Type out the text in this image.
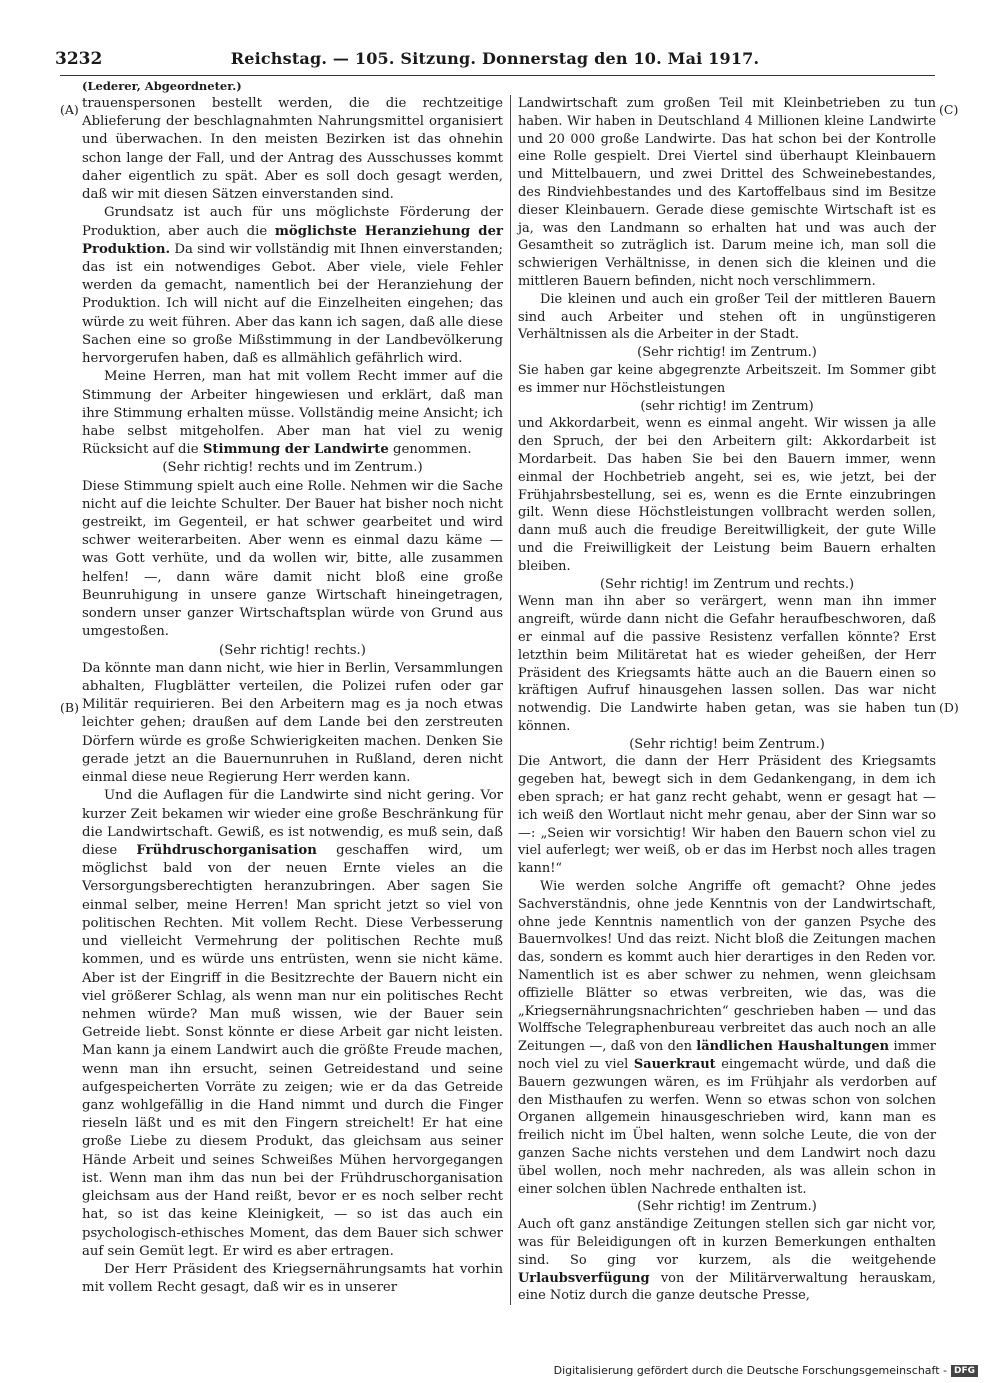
3232	Reichstag. — 105. Sitzung. Donnerstag den 10. Mai 1917.
(Lederer, Abgeordneter.)
(A)
(B)
(C)
(D)

trauenspersonen bestellt werden, die die rechtzeitige Ablieferung der beschlagnahmten Nahrungsmittel organisiert und überwachen. In den meisten Bezirken ist das ohnehin schon lange der Fall, und der Antrag des Ausschusses kommt daher eigentlich zu spät. Aber es soll doch gesagt werden, daß wir mit diesen Sätzen einverstanden sind.

Grundsatz ist auch für uns möglichste Förderung der Produktion, aber auch die möglichste Heranziehung der Produktion. Da sind wir vollständig mit Ihnen einverstanden; das ist ein notwendiges Gebot. Aber viele, viele Fehler werden da gemacht, namentlich bei der Heranziehung der Produktion. Ich will nicht auf die Einzelheiten eingehen; das würde zu weit führen. Aber das kann ich sagen, daß alle diese Sachen eine so große Mißstimmung in der Landbevölkerung hervorgerufen haben, daß es allmählich gefährlich wird.

Meine Herren, man hat mit vollem Recht immer auf die Stimmung der Arbeiter hingewiesen und erklärt, daß man ihre Stimmung erhalten müsse. Vollständig meine Ansicht; ich habe selbst mitgeholfen. Aber man hat viel zu wenig Rücksicht auf die Stimmung der Landwirte genommen.

(Sehr richtig! rechts und im Zentrum.)

Diese Stimmung spielt auch eine Rolle. Nehmen wir die Sache nicht auf die leichte Schulter. Der Bauer hat bisher noch nicht gestreikt, im Gegenteil, er hat schwer gearbeitet und wird schwer weiterarbeiten. Aber wenn es einmal dazu käme — was Gott verhüte, und da wollen wir, bitte, alle zusammen helfen! —, dann wäre damit nicht bloß eine große Beunruhigung in unsere ganze Wirtschaft hineingetragen, sondern unser ganzer Wirtschaftsplan würde von Grund aus umgestoßen.

(Sehr richtig! rechts.)

Da könnte man dann nicht, wie hier in Berlin, Versammlungen abhalten, Flugblätter verteilen, die Polizei rufen oder gar Militär requirieren. Bei den Arbeitern mag es ja noch etwas leichter gehen; draußen auf dem Lande bei den zerstreuten Dörfern würde es große Schwierigkeiten machen. Denken Sie gerade jetzt an die Bauernunruhen in Rußland, deren nicht einmal diese neue Regierung Herr werden kann.

Und die Auflagen für die Landwirte sind nicht gering. Vor kurzer Zeit bekamen wir wieder eine große Beschränkung für die Landwirtschaft. Gewiß, es ist notwendig, es muß sein, daß diese Frühdruschorganisation geschaffen wird, um möglichst bald von der neuen Ernte vieles an die Versorgungsberechtigten heranzubringen. Aber sagen Sie einmal selber, meine Herren! Man spricht jetzt so viel von politischen Rechten. Mit vollem Recht. Diese Verbesserung und vielleicht Vermehrung der politischen Rechte muß kommen, und es würde uns entrüsten, wenn sie nicht käme. Aber ist der Eingriff in die Besitzrechte der Bauern nicht ein viel größerer Schlag, als wenn man nur ein politisches Recht nehmen würde? Man muß wissen, wie der Bauer sein Getreide liebt. Sonst könnte er diese Arbeit gar nicht leisten. Man kann ja einem Landwirt auch die größte Freude machen, wenn man ihn ersucht, seinen Getreidestand und seine aufgespeicherten Vorräte zu zeigen; wie er da das Getreide ganz wohlgefällig in die Hand nimmt und durch die Finger rieseln läßt und es mit den Fingern streichelt! Er hat eine große Liebe zu diesem Produkt, das gleichsam aus seiner Hände Arbeit und seines Schweißes Mühen hervorgegangen ist. Wenn man ihm das nun bei der Frühdruschorganisation gleichsam aus der Hand reißt, bevor er es noch selber recht hat, so ist das keine Kleinigkeit, — so ist das auch ein psychologisch-ethisches Moment, das dem Bauer sich schwer auf sein Gemüt legt. Er wird es aber ertragen.

Der Herr Präsident des Kriegsernährungsamts hat vorhin mit vollem Recht gesagt, daß wir es in unserer

Landwirtschaft zum großen Teil mit Kleinbetrieben zu tun haben. Wir haben in Deutschland 4 Millionen kleine Landwirte und 20 000 große Landwirte. Das hat schon bei der Kontrolle eine Rolle gespielt. Drei Viertel sind überhaupt Kleinbauern und Mittelbauern, und zwei Drittel des Schweinebestandes, des Rindviehbestandes und des Kartoffelbaus sind im Besitze dieser Kleinbauern. Gerade diese gemischte Wirtschaft ist es ja, was den Landmann so erhalten hat und was auch der Gesamtheit so zuträglich ist. Darum meine ich, man soll die schwierigen Verhältnisse, in denen sich die kleinen und die mittleren Bauern befinden, nicht noch verschlimmern.

Die kleinen und auch ein großer Teil der mittleren Bauern sind auch Arbeiter und stehen oft in ungünstigeren Verhältnissen als die Arbeiter in der Stadt.

(Sehr richtig! im Zentrum.)

Sie haben gar keine abgegrenzte Arbeitszeit. Im Sommer gibt es immer nur Höchstleistungen

(sehr richtig! im Zentrum)

und Akkordarbeit, wenn es einmal angeht. Wir wissen ja alle den Spruch, der bei den Arbeitern gilt: Akkordarbeit ist Mordarbeit. Das haben Sie bei den Bauern immer, wenn einmal der Hochbetrieb angeht, sei es, wie jetzt, bei der Frühjahrsbestellung, sei es, wenn es die Ernte einzubringen gilt. Wenn diese Höchstleistungen vollbracht werden sollen, dann muß auch die freudige Bereitwilligkeit, der gute Wille und die Freiwilligkeit der Leistung beim Bauern erhalten bleiben.

(Sehr richtig! im Zentrum und rechts.)

Wenn man ihn aber so verärgert, wenn man ihn immer angreift, würde dann nicht die Gefahr heraufbeschworen, daß er einmal auf die passive Resistenz verfallen könnte? Erst letzthin beim Militäretat hat es wieder geheißen, der Herr Präsident des Kriegsamts hätte auch an die Bauern einen so kräftigen Aufruf hinausgehen lassen sollen. Das war nicht notwendig. Die Landwirte haben getan, was sie haben tun können.

(Sehr richtig! beim Zentrum.)

Die Antwort, die dann der Herr Präsident des Kriegsamts gegeben hat, bewegt sich in dem Gedankengang, in dem ich eben sprach; er hat ganz recht gehabt, wenn er gesagt hat — ich weiß den Wortlaut nicht mehr genau, aber der Sinn war so —: „Seien wir vorsichtig! Wir haben den Bauern schon viel zu viel auferlegt; wer weiß, ob er das im Herbst noch alles tragen kann!“

Wie werden solche Angriffe oft gemacht? Ohne jedes Sachverständnis, ohne jede Kenntnis von der Landwirtschaft, ohne jede Kenntnis namentlich von der ganzen Psyche des Bauernvolkes! Und das reizt. Nicht bloß die Zeitungen machen das, sondern es kommt auch hier derartiges in den Reden vor. Namentlich ist es aber schwer zu nehmen, wenn gleichsam offizielle Blätter so etwas verbreiten, wie das, was die „Kriegsernährungsnachrichten“ geschrieben haben — und das Wolffsche Telegraphenbureau verbreitet das auch noch an alle Zeitungen —, daß von den ländlichen Haushaltungen immer noch viel zu viel Sauerkraut eingemacht würde, und daß die Bauern gezwungen wären, es im Frühjahr als verdorben auf den Misthaufen zu werfen. Wenn so etwas schon von solchen Organen allgemein hinausgeschrieben wird, kann man es freilich nicht im Übel halten, wenn solche Leute, die von der ganzen Sache nichts verstehen und dem Landwirt noch dazu übel wollen, noch mehr nachreden, als was allein schon in einer solchen üblen Nachrede enthalten ist.

(Sehr richtig! im Zentrum.)

Auch oft ganz anständige Zeitungen stellen sich gar nicht vor, was für Beleidigungen oft in kurzen Bemerkungen enthalten sind. So ging vor kurzem, als die weitgehende Urlaubsverfügung von der Militärverwaltung herauskam, eine Notiz durch die ganze deutsche Presse,

Digitalisierung gefördert durch die Deutsche Forschungsgemeinschaft - DFG
